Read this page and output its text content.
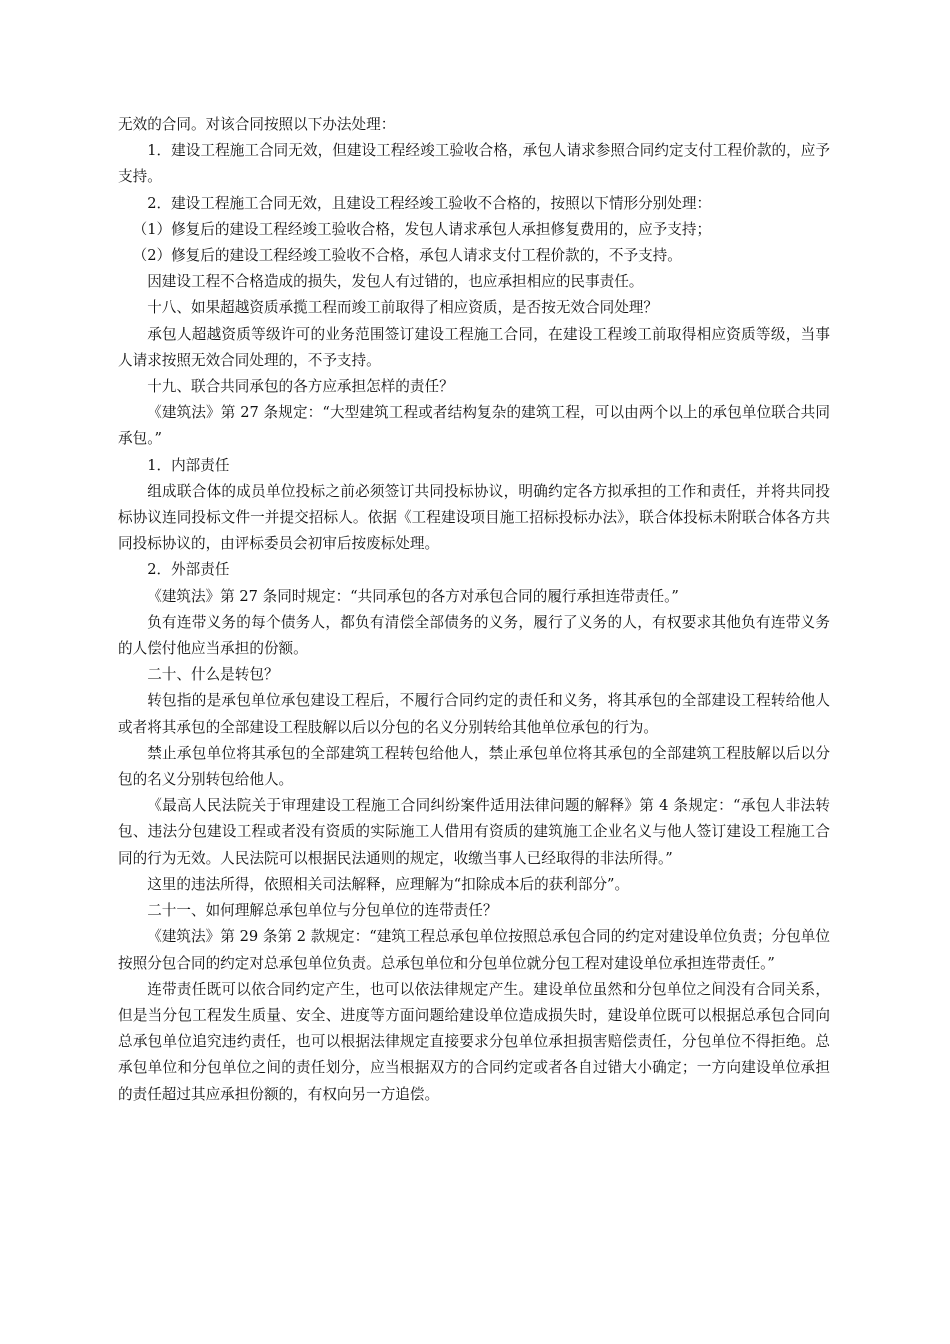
无效的合同。对该合同按照以下办法处理：

1．建设工程施工合同无效，但建设工程经竣工验收合格，承包人请求参照合同约定支付工程价款的，应予支持。

2．建设工程施工合同无效，且建设工程经竣工验收不合格的，按照以下情形分别处理：

（1）修复后的建设工程经竣工验收合格，发包人请求承包人承担修复费用的，应予支持；

（2）修复后的建设工程经竣工验收不合格，承包人请求支付工程价款的，不予支持。

因建设工程不合格造成的损失，发包人有过错的，也应承担相应的民事责任。

十八、如果超越资质承揽工程而竣工前取得了相应资质，是否按无效合同处理？

承包人超越资质等级许可的业务范围签订建设工程施工合同，在建设工程竣工前取得相应资质等级，当事人请求按照无效合同处理的，不予支持。

十九、联合共同承包的各方应承担怎样的责任？

《建筑法》第 27 条规定：“大型建筑工程或者结构复杂的建筑工程，可以由两个以上的承包单位联合共同承包。”

1．内部责任

组成联合体的成员单位投标之前必须签订共同投标协议，明确约定各方拟承担的工作和责任，并将共同投标协议连同投标文件一并提交招标人。依据《工程建设项目施工招标投标办法》，联合体投标未附联合体各方共同投标协议的，由评标委员会初审后按废标处理。

2．外部责任

《建筑法》第 27 条同时规定：“共同承包的各方对承包合同的履行承担连带责任。”

负有连带义务的每个债务人，都负有清偿全部债务的义务，履行了义务的人，有权要求其他负有连带义务的人偿付他应当承担的份额。

二十、什么是转包？

转包指的是承包单位承包建设工程后，不履行合同约定的责任和义务，将其承包的全部建设工程转给他人或者将其承包的全部建设工程肢解以后以分包的名义分别转给其他单位承包的行为。

禁止承包单位将其承包的全部建筑工程转包给他人，禁止承包单位将其承包的全部建筑工程肢解以后以分包的名义分别转包给他人。

《最高人民法院关于审理建设工程施工合同纠纷案件适用法律问题的解释》第 4 条规定：“承包人非法转包、违法分包建设工程或者没有资质的实际施工人借用有资质的建筑施工企业名义与他人签订建设工程施工合同的行为无效。人民法院可以根据民法通则的规定，收缴当事人已经取得的非法所得。”

这里的违法所得，依照相关司法解释，应理解为“扣除成本后的获利部分”。

二十一、如何理解总承包单位与分包单位的连带责任？

《建筑法》第 29 条第 2 款规定：“建筑工程总承包单位按照总承包合同的约定对建设单位负责；分包单位按照分包合同的约定对总承包单位负责。总承包单位和分包单位就分包工程对建设单位承担连带责任。”

连带责任既可以依合同约定产生，也可以依法律规定产生。建设单位虽然和分包单位之间没有合同关系，但是当分包工程发生质量、安全、进度等方面问题给建设单位造成损失时，建设单位既可以根据总承包合同向总承包单位追究违约责任，也可以根据法律规定直接要求分包单位承担损害赔偿责任，分包单位不得拒绝。总承包单位和分包单位之间的责任划分，应当根据双方的合同约定或者各自过错大小确定；一方向建设单位承担的责任超过其应承担份额的，有权向另一方追偿。
